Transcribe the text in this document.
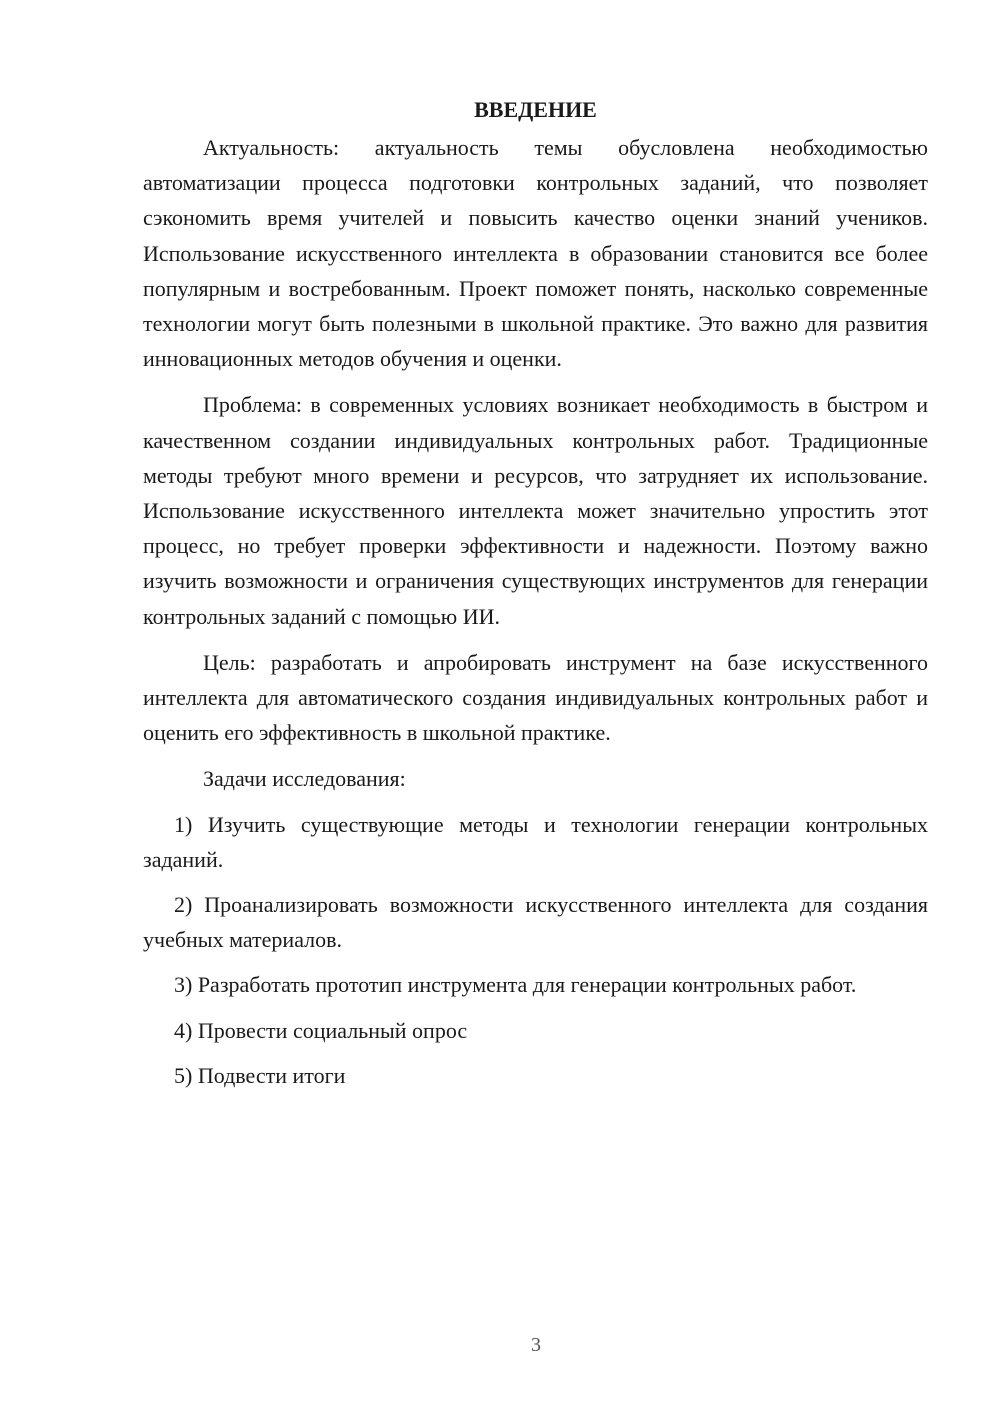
ВВЕДЕНИЕ

Актуальность: актуальность темы обусловлена необходимостью автоматизации процесса подготовки контрольных заданий, что позволяет сэкономить время учителей и повысить качество оценки знаний учеников. Использование искусственного интеллекта в образовании становится все более популярным и востребованным. Проект поможет понять, насколько современные технологии могут быть полезными в школьной практике. Это важно для развития инновационных методов обучения и оценки.

Проблема: в современных условиях возникает необходимость в быстром и качественном создании индивидуальных контрольных работ. Традиционные методы требуют много времени и ресурсов, что затрудняет их использование. Использование искусственного интеллекта может значительно упростить этот процесс, но требует проверки эффективности и надежности. Поэтому важно изучить возможности и ограничения существующих инструментов для генерации контрольных заданий с помощью ИИ.

Цель: разработать и апробировать инструмент на базе искусственного интеллекта для автоматического создания индивидуальных контрольных работ и оценить его эффективность в школьной практике.

Задачи исследования:

1) Изучить существующие методы и технологии генерации контрольных заданий.

2) Проанализировать возможности искусственного интеллекта для создания учебных материалов.

3) Разработать прототип инструмента для генерации контрольных работ.

4) Провести социальный опрос

5) Подвести итоги

3
